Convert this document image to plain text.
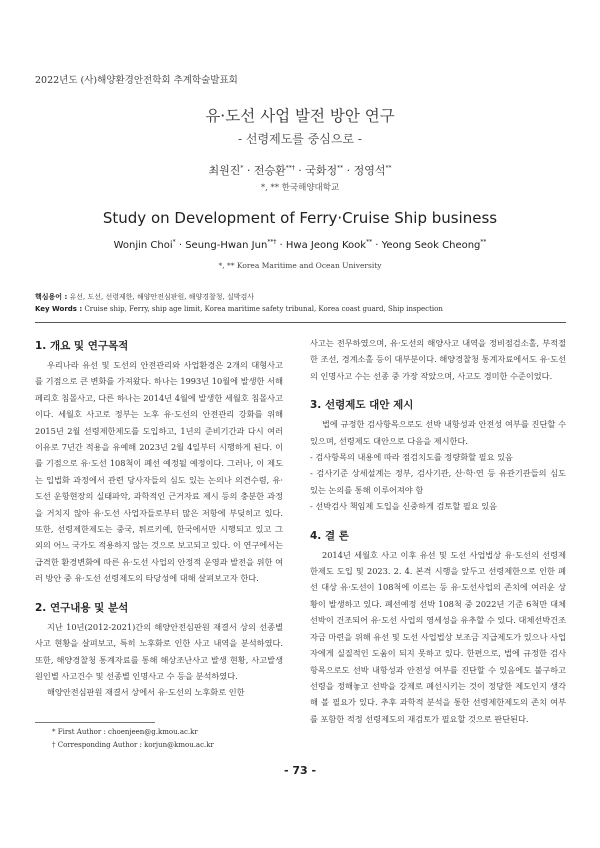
2022년도 (사)해양환경안전학회 추계학술발표회
유·도선 사업 발전 방안 연구
- 선령제도를 중심으로 -
최원진* · 전승환**† · 국화정** · 정영석**
*, ** 한국해양대학교
Study on Development of Ferry·Cruise Ship business
Wonjin Choi* · Seung-Hwan Jun**† · Hwa Jeong Kook** · Yeong Seok Cheong**
*, ** Korea Maritime and Ocean University
핵심용어 : 유선, 도선, 선령제한, 해양안전심판원, 해양경찰청, 실박검사
Key Words : Cruise ship, Ferry, ship age limit, Korea maritime safety tribunal, Korea coast guard, Ship inspection
1. 개요 및 연구목적

우리나라 유선 및 도선의 안전관리와 사업환경은 2개의 대형사고를 기점으로 큰 변화를 가져왔다. 하나는 1993년 10월에 발생한 서해페리호 침몰사고, 다른 하나는 2014년 4월에 발생한 세월호 침몰사고이다. 세월호 사고로 정부는 노후 유·도선의 안전관리 강화를 위해 2015년 2월 선령제한제도를 도입하고, 1년의 준비기간과 다시 여러 이유로 7년간 적용을 유예해 2023년 2월 4일부터 시행하게 된다. 이를 기점으로 유·도선 108척이 폐선 예정될 예정이다. 그러나, 이 제도는 입법화 과정에서 관련 당사자들의 심도 있는 논의나 의견수렴, 유·도선 운항현장의 실태파악, 과학적인 근거자료 제시 등의 충분한 과정을 거치지 않아 유·도선 사업자들로부터 많은 저항에 부딪히고 있다. 또한, 선령제한제도는 중국, 튀르키예, 한국에서만 시행되고 있고 그 외의 어느 국가도 적용하지 않는 것으로 보고되고 있다. 이 연구에서는 급격한 환경변화에 따른 유·도선 사업의 안정적 운영과 발전을 위한 여러 방안 중 유·도선 선령제도의 타당성에 대해 살펴보고자 한다.

2. 연구내용 및 분석

지난 10년(2012-2021)간의 해양안전심판원 재결서 상의 선종별 사고 현황을 살펴보고, 특히 노후화로 인한 사고 내역을 분석하였다. 또한, 해양경찰청 통계자료를 통해 해상조난사고 발생 현황, 사고발생 원인별 사고건수 및 선종별 인명사고 수 등을 분석하였다.

해양안전심판원 재결서 상에서 유·도선의 노후화로 인한

사고는 전무하였으며, 유·도선의 해양사고 내역을 정비점검소홀, 부적절한 조선, 경계소홀 등이 대부분이다. 해양경찰청 통계자료에서도 유·도선의 인명사고 수는 선종 중 가장 작았으며, 사고도 경미한 수준이었다.

3. 선령제도 대안 제시

법에 규정한 검사항목으로도 선박 내항성과 안전성 여부를 진단할 수 있으며, 선령제도 대안으로 다음을 제시한다.

- 검사항목의 내용에 따라 점검치도를 정량화할 필요 있음

- 검사기준 상세설계는 정부, 검사기관, 산·학·연 등 유관기관들의 심도 있는 논의를 통해 이루어져야 함

- 선박검사 책임제 도입을 신중하게 검토할 필요 있음

4. 결 론

2014년 세월호 사고 이후 유선 및 도선 사업법상 유·도선의 선령제한제도 도입 및 2023. 2. 4. 본격 시행을 앞두고 선령제한으로 인한 폐선 대상 유·도선이 108척에 이르는 등 유·도선사업의 존치에 여러운 상황이 발생하고 있다. 폐선예정 선박 108척 중 2022년 기준 6척만 대체선박이 건조되어 유·도선 사업의 영세성을 유추할 수 있다. 대체선박건조자금 마련을 위해 유선 및 도선 사업법상 보조금 지급제도가 있으나 사업자에게 실질적인 도움이 되지 못하고 있다. 한편으로, 법에 규정한 검사항목으로도 선박 내항성과 안전성 여부를 진단할 수 있음에도 불구하고 선령을 정해놓고 선박을 강제로 폐선시키는 것이 정당한 제도인지 생각해 볼 필요가 있다. 추후 과학적 분석을 통한 선령제한제도의 존치 여부를 포함한 적정 선령제도의 재검토가 필요할 것으로 판단된다.

* First Author : choenjeen@g.kmou.ac.kr
† Corresponding Author : korjun@kmou.ac.kr
- 73 -
